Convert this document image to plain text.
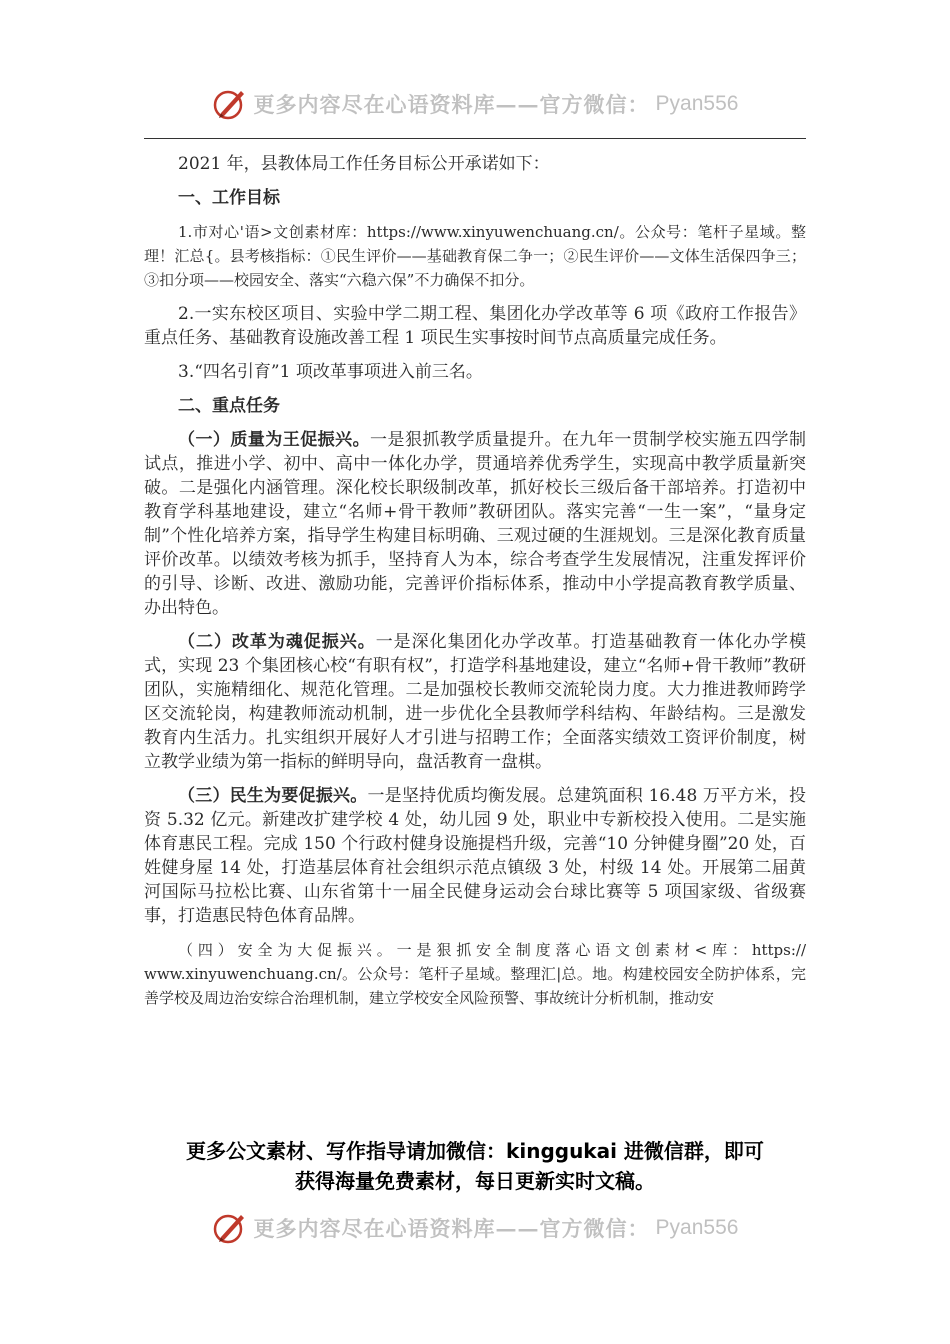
更多内容尽在心语资料库——官方微信： Pyan556

2021 年，县教体局工作任务目标公开承诺如下：

一、工作目标

1.市对心'语>文创素材库：https://www.xinyuwenchuang.cn/。公众号：笔杆子星域。整理！汇总{。县考核指标：①民生评价——基础教育保二争一；②民生评价——文体生活保四争三；③扣分项——校园安全、落实“六稳六保”不力确保不扣分。

2.一实东校区项目、实验中学二期工程、集团化办学改革等 6 项《政府工作报告》重点任务、基础教育设施改善工程 1 项民生实事按时间节点高质量完成任务。

3.“四名引育”1 项改革事项进入前三名。

二、重点任务

（一）质量为王促振兴。一是狠抓教学质量提升。在九年一贯制学校实施五四学制试点，推进小学、初中、高中一体化办学，贯通培养优秀学生，实现高中教学质量新突破。二是强化内涵管理。深化校长职级制改革，抓好校长三级后备干部培养。打造初中教育学科基地建设，建立“名师+骨干教师”教研团队。落实完善“一生一案”，“量身定制”个性化培养方案，指导学生构建目标明确、三观过硬的生涯规划。三是深化教育质量评价改革。以绩效考核为抓手，坚持育人为本，综合考查学生发展情况，注重发挥评价的引导、诊断、改进、激励功能，完善评价指标体系，推动中小学提高教育教学质量、办出特色。

（二）改革为魂促振兴。一是深化集团化办学改革。打造基础教育一体化办学模式，实现 23 个集团核心校“有职有权”，打造学科基地建设，建立“名师+骨干教师”教研团队，实施精细化、规范化管理。二是加强校长教师交流轮岗力度。大力推进教师跨学区交流轮岗，构建教师流动机制，进一步优化全县教师学科结构、年龄结构。三是激发教育内生活力。扎实组织开展好人才引进与招聘工作；全面落实绩效工资评价制度，树立教学业绩为第一指标的鲜明导向，盘活教育一盘棋。

（三）民生为要促振兴。一是坚持优质均衡发展。总建筑面积 16.48 万平方米，投资 5.32 亿元。新建改扩建学校 4 处，幼儿园 9 处，职业中专新校投入使用。二是实施体育惠民工程。完成 150 个行政村健身设施提档升级，完善“10 分钟健身圈”20 处，百姓健身屋 14 处，打造基层体育社会组织示范点镇级 3 处，村级 14 处。开展第二届黄河国际马拉松比赛、山东省第十一届全民健身运动会台球比赛等 5 项国家级、省级赛事，打造惠民特色体育品牌。

（四）安全为大促振兴。一是狠抓安全制度落心语文创素材<库：https:// www.xinyuwenchuang.cn/。公众号：笔杆子星域。整理汇|总。地。构建校园安全防护体系，完善学校及周边治安综合治理机制，建立学校安全风险预警、事故统计分析机制，推动安

更多公文素材、写作指导请加微信：kinggukai 进微信群，即可
获得海量免费素材，每日更新实时文稿。
更多内容尽在心语资料库——官方微信： Pyan556
